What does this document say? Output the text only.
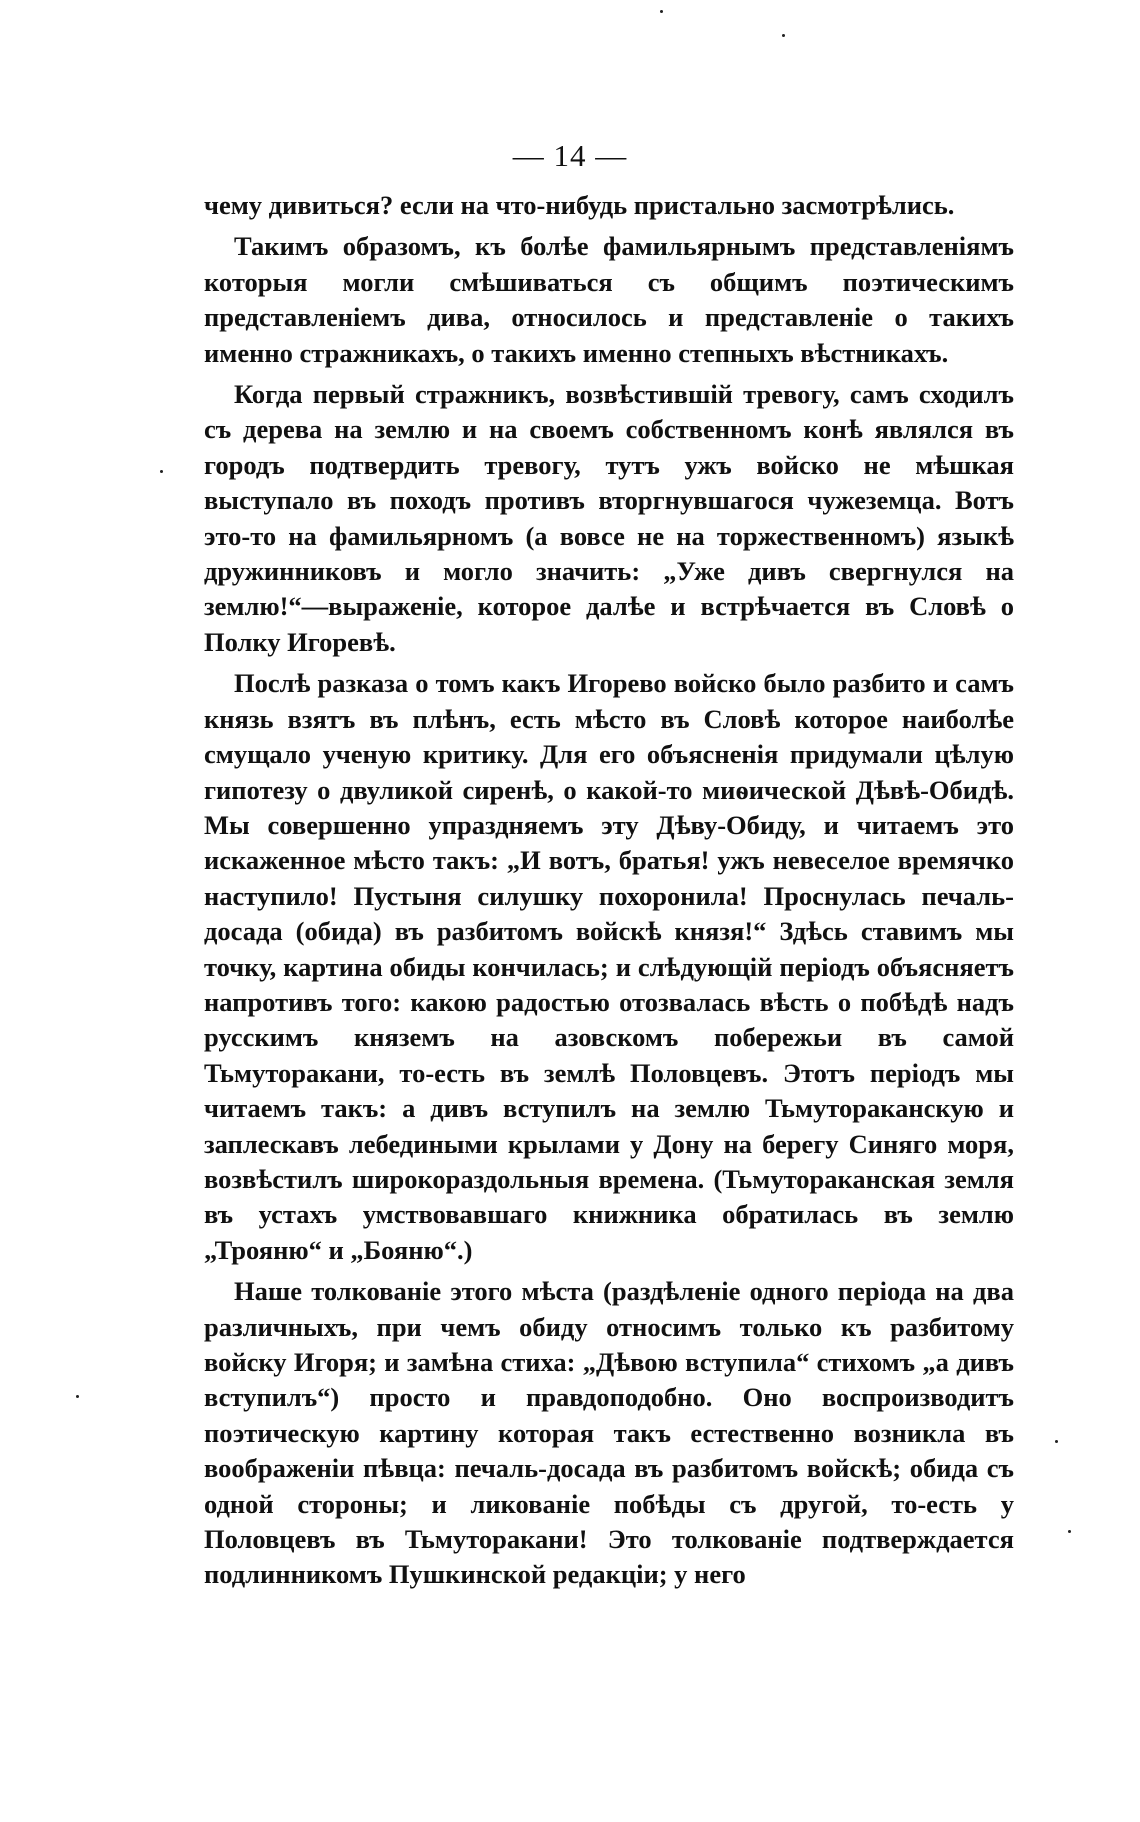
— 14 —

чему дивиться? если на что-нибудь пристально засмотрѣлись.

Такимъ образомъ, къ болѣе фамильярнымъ представленіямъ которыя могли смѣшиваться съ общимъ поэтическимъ представленіемъ дива, относилось и представленіе о такихъ именно стражникахъ, о такихъ именно степныхъ вѣстникахъ.

Когда первый стражникъ, возвѣстившій тревогу, самъ сходилъ съ дерева на землю и на своемъ собственномъ конѣ являлся въ городъ подтвердить тревогу, тутъ ужъ войско не мѣшкая выступало въ походъ противъ вторгнувшагося чужеземца. Вотъ это-то на фамильярномъ (а вовсе не на торжественномъ) языкѣ дружинниковъ и могло значить: „Уже дивъ свергнулся на землю!“—выраженіе, которое далѣе и встрѣчается въ Словѣ о Полку Игоревѣ.

Послѣ разказа о томъ какъ Игорево войско было разбито и самъ князь взятъ въ плѣнъ, есть мѣсто въ Словѣ которое наиболѣе смущало ученую критику. Для его объясненія придумали цѣлую гипотезу о двуликой сиренѣ, о какой-то миѳической Дѣвѣ-Обидѣ. Мы совершенно упраздняемъ эту Дѣву-Обиду, и читаемъ это искаженное мѣсто такъ: „И вотъ, братья! ужъ невеселое времячко наступило! Пустыня силушку похоронила! Проснулась печаль-досада (обида) въ разбитомъ войскѣ князя!“ Здѣсь ставимъ мы точку, картина обиды кончилась; и слѣдующій періодъ объясняетъ напротивъ того: какою радостью отозвалась вѣсть о побѣдѣ надъ русскимъ княземъ на азовскомъ побережьи въ самой Тьмуторакани, то-есть въ землѣ Половцевъ. Этотъ періодъ мы читаемъ такъ: а дивъ вступилъ на землю Тьмутораканскую и заплескавъ лебедиными крылами у Дону на берегу Синяго моря, возвѣстилъ широкораздольныя времена. (Тьмутораканская земля въ устахъ умствовавшаго книжника обратилась въ землю „Трояню“ и „Бояню“.)

Наше толкованіе этого мѣста (раздѣленіе одного періода на два различныхъ, при чемъ обиду относимъ только къ разбитому войску Игоря; и замѣна стиха: „Дѣвою вступила“ стихомъ „а дивъ вступилъ“) просто и правдоподобно. Оно воспроизводитъ поэтическую картину которая такъ естественно возникла въ воображеніи пѣвца: печаль-досада въ разбитомъ войскѣ; обида съ одной стороны; и ликованіе побѣды съ другой, то-есть у Половцевъ въ Тьмуторакани! Это толкованіе подтверждается подлинникомъ Пушкинской редакціи; у него
